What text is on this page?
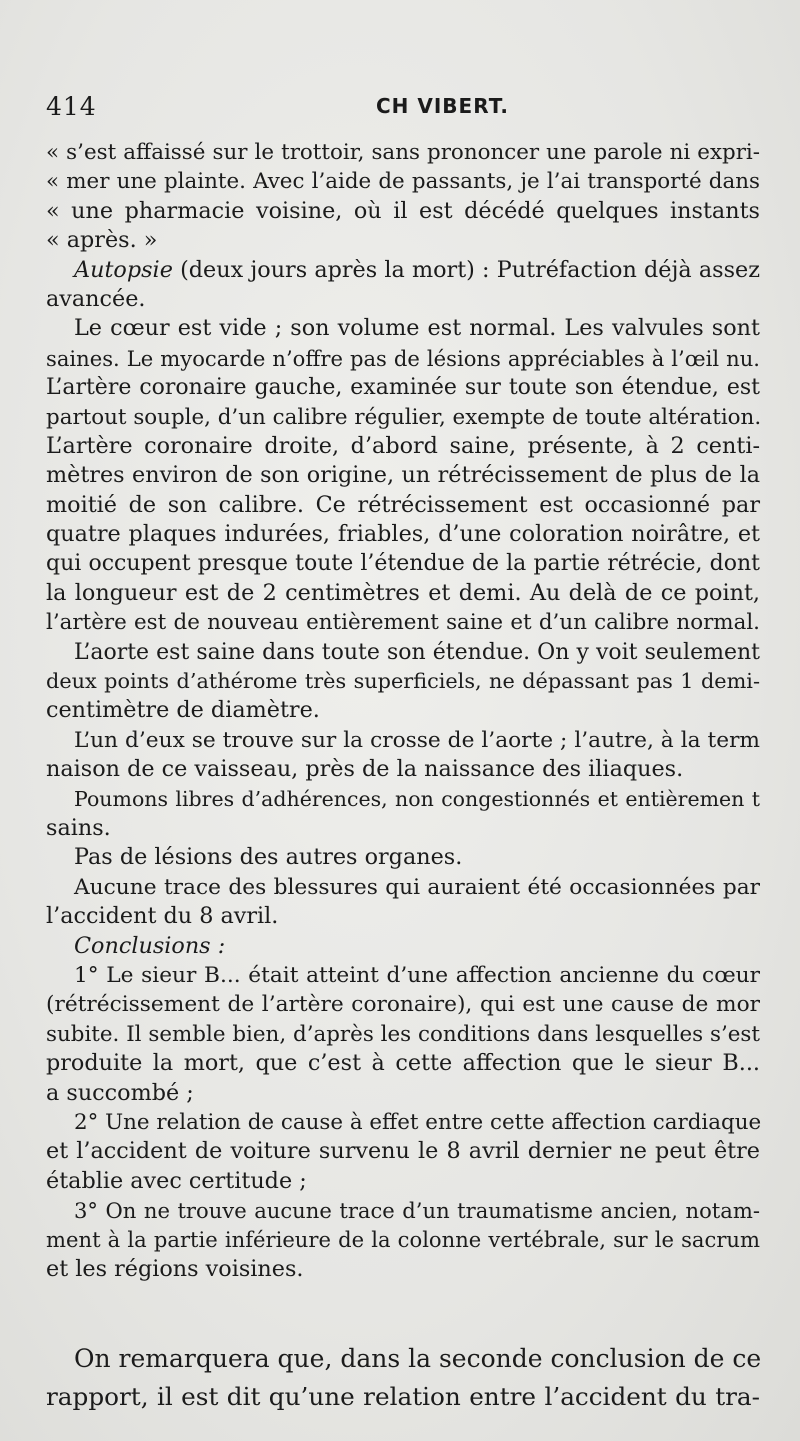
414	CH VIBERT.
« s’est affaissé sur le trottoir, sans prononcer une parole ni expri-
« mer une plainte. Avec l’aide de passants, je l’ai transporté dans
« une pharmacie voisine, où il est décédé quelques instants
« après. »
Autopsie (deux jours après la mort) : Putréfaction déjà assez
avancée.
Le cœur est vide ; son volume est normal. Les valvules sont
saines. Le myocarde n’offre pas de lésions appréciables à l’œil nu.
L’artère coronaire gauche, examinée sur toute son étendue, est
partout souple, d’un calibre régulier, exempte de toute altération.
L’artère coronaire droite, d’abord saine, présente, à 2 centi-
mètres environ de son origine, un rétrécissement de plus de la
moitié de son calibre. Ce rétrécissement est occasionné par
quatre plaques indurées, friables, d’une coloration noirâtre, et
qui occupent presque toute l’étendue de la partie rétrécie, dont
la longueur est de 2 centimètres et demi. Au delà de ce point,
l’artère est de nouveau entièrement saine et d’un calibre normal.
L’aorte est saine dans toute son étendue. On y voit seulement
deux points d’athérome très superficiels, ne dépassant pas 1 demi-
centimètre de diamètre.
L’un d’eux se trouve sur la crosse de l’aorte ; l’autre, à la term
naison de ce vaisseau, près de la naissance des iliaques.
Poumons libres d’adhérences, non congestionnés et entièremen t
sains.
Pas de lésions des autres organes.
Aucune trace des blessures qui auraient été occasionnées par
l’accident du 8 avril.
Conclusions :
1° Le sieur B... était atteint d’une affection ancienne du cœur
(rétrécissement de l’artère coronaire), qui est une cause de mor
subite. Il semble bien, d’après les conditions dans lesquelles s’est
produite la mort, que c’est à cette affection que le sieur B...
a succombé ;
2° Une relation de cause à effet entre cette affection cardiaque
et l’accident de voiture survenu le 8 avril dernier ne peut être
établie avec certitude ;
3° On ne trouve aucune trace d’un traumatisme ancien, notam-
ment à la partie inférieure de la colonne vertébrale, sur le sacrum
et les régions voisines.
On remarquera que, dans la seconde conclusion de ce
rapport, il est dit qu’une relation entre l’accident du tra-
